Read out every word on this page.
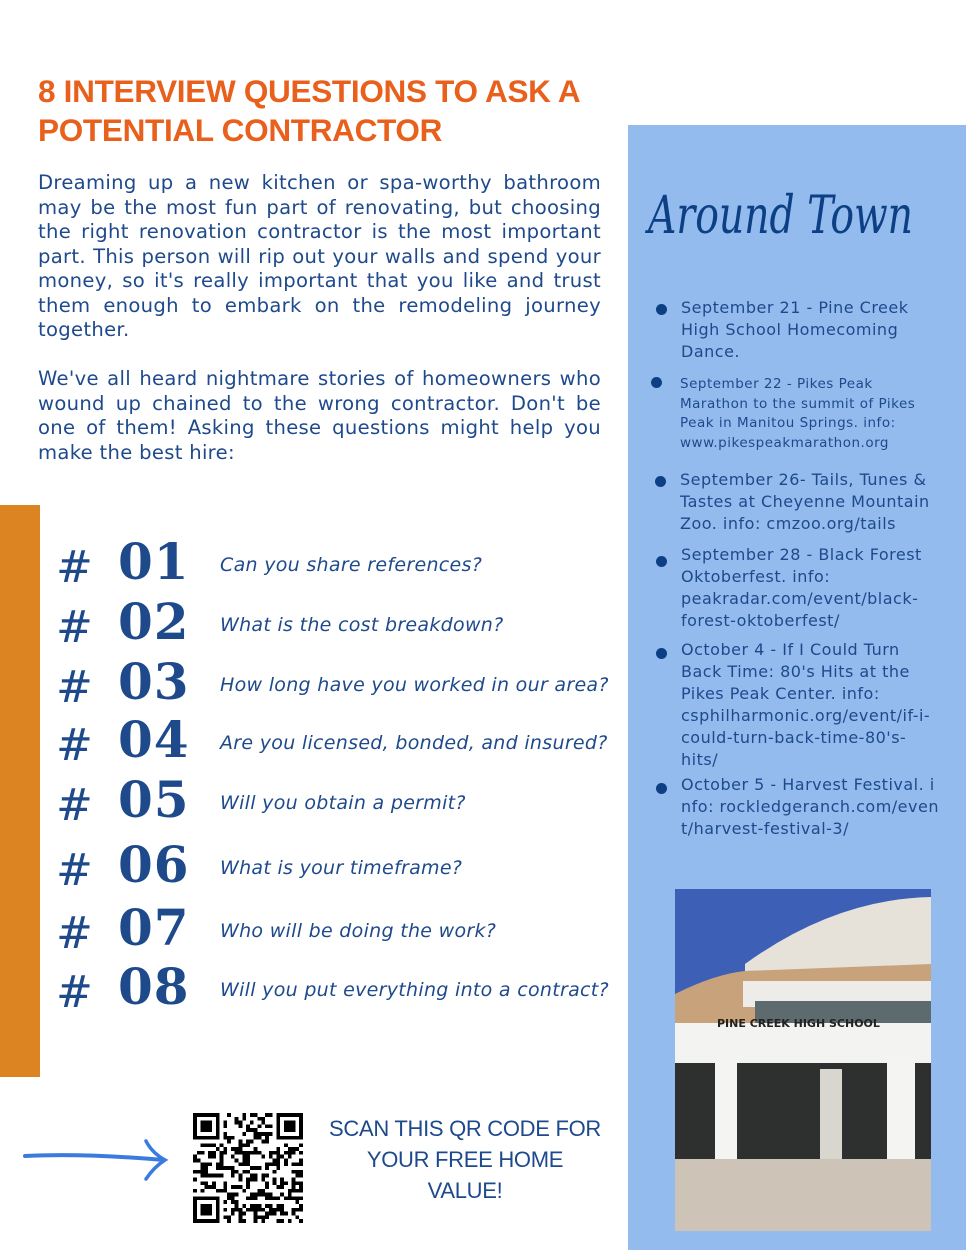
8 INTERVIEW QUESTIONS TO ASK A POTENTIAL CONTRACTOR

Dreaming up a new kitchen or spa-worthy bathroom may be the most fun part of renovating, but choosing the right renovation contractor is the most important part. This person will rip out your walls and spend your money, so it's really important that you like and trust them enough to embark on the remodeling journey together.

We've all heard nightmare stories of homeowners who wound up chained to the wrong contractor. Don't be one of them! Asking these questions might help you make the best hire:

# 01 Can you share references?
# 02 What is the cost breakdown?
# 03 How long have you worked in our area?
# 04 Are you licensed, bonded, and insured?
# 05 Will you obtain a permit?
# 06 What is your timeframe?
# 07 Who will be doing the work?
# 08 Will you put everything into a contract?
Around Town
September 21 - Pine Creek High School Homecoming Dance.
September 22 - Pikes Peak Marathon to the summit of Pikes Peak in Manitou Springs. info: www.pikespeakmarathon.org
September 26- Tails, Tunes & Tastes at Cheyenne Mountain Zoo. info: cmzoo.org/tails
September 28 - Black Forest Oktoberfest. info: peakradar.com/event/black-forest-oktoberfest/
October 4 - If I Could Turn Back Time: 80's Hits at the Pikes Peak Center. info: csphilharmonic.org/event/if-i-could-turn-back-time-80's-hits/
October 5 - Harvest Festival. info: rockledgeranch.com/event/harvest-festival-3/
PINE CREEK HIGH SCHOOL
SCAN THIS QR CODE FOR
YOUR FREE HOME
VALUE!
